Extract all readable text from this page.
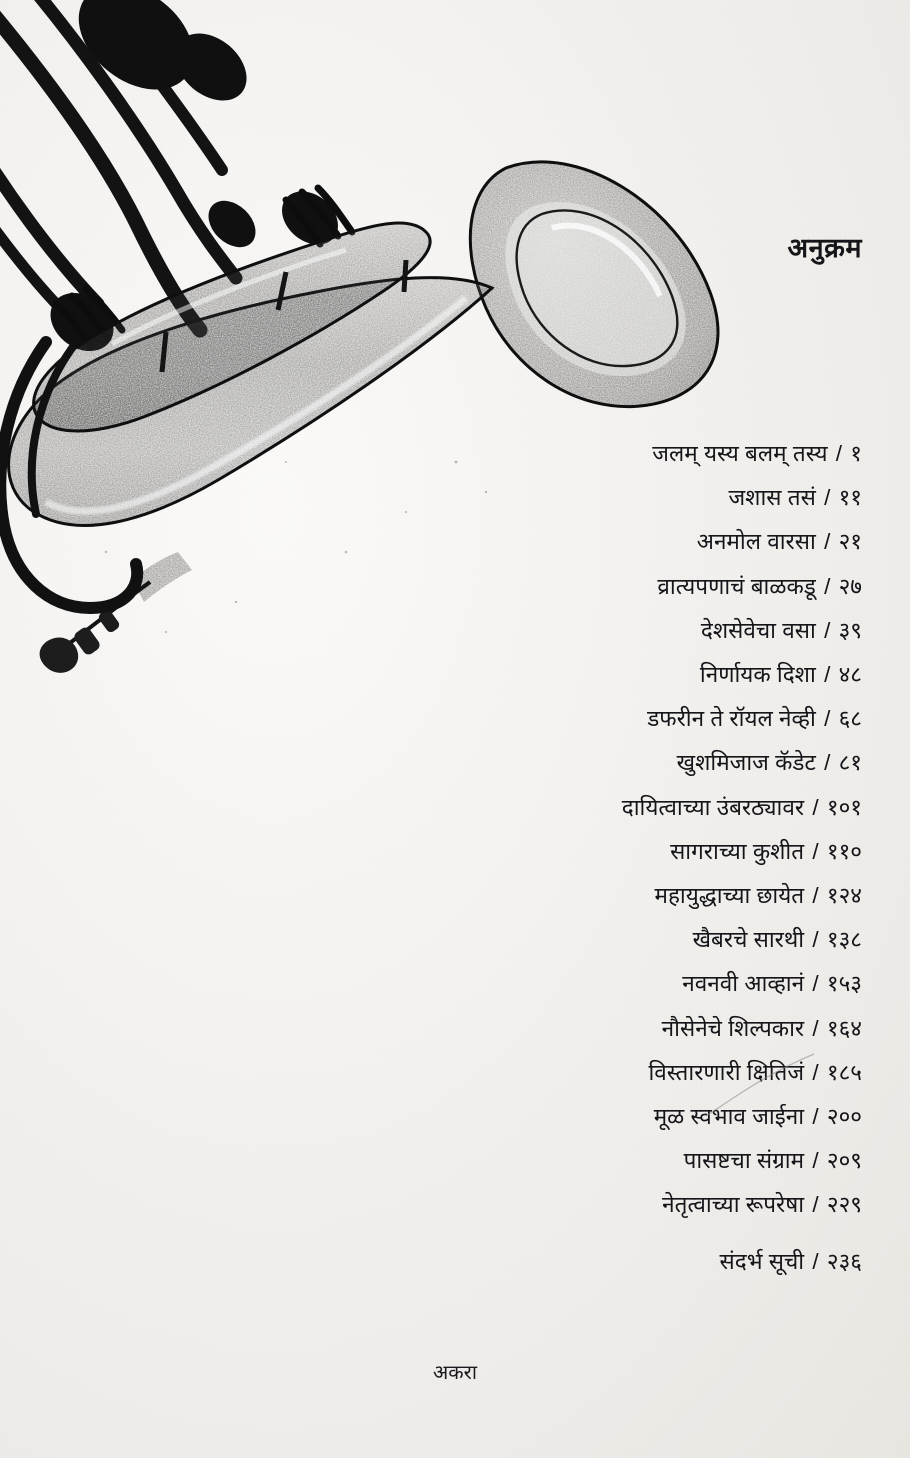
अनुक्रम
जलम् यस्य बलम् तस्य / १
जशास तसं / ११
अनमोल वारसा / २१
व्रात्यपणाचं बाळकडू / २७
देशसेवेचा वसा / ३९
निर्णायक दिशा / ४८
डफरीन ते रॉयल नेव्ही / ६८
खुशमिजाज कॅडेट / ८१
दायित्वाच्या उंबरठ्यावर / १०१
सागराच्या कुशीत / ११०
महायुद्धाच्या छायेत / १२४
खैबरचे सारथी / १३८
नवनवी आव्हानं / १५३
नौसेनेचे शिल्पकार / १६४
विस्तारणारी क्षितिजं / १८५
मूळ स्वभाव जाईना / २००
पासष्टचा संग्राम / २०९
नेतृत्वाच्या रूपरेषा / २२९
संदर्भ सूची / २३६
अकरा
